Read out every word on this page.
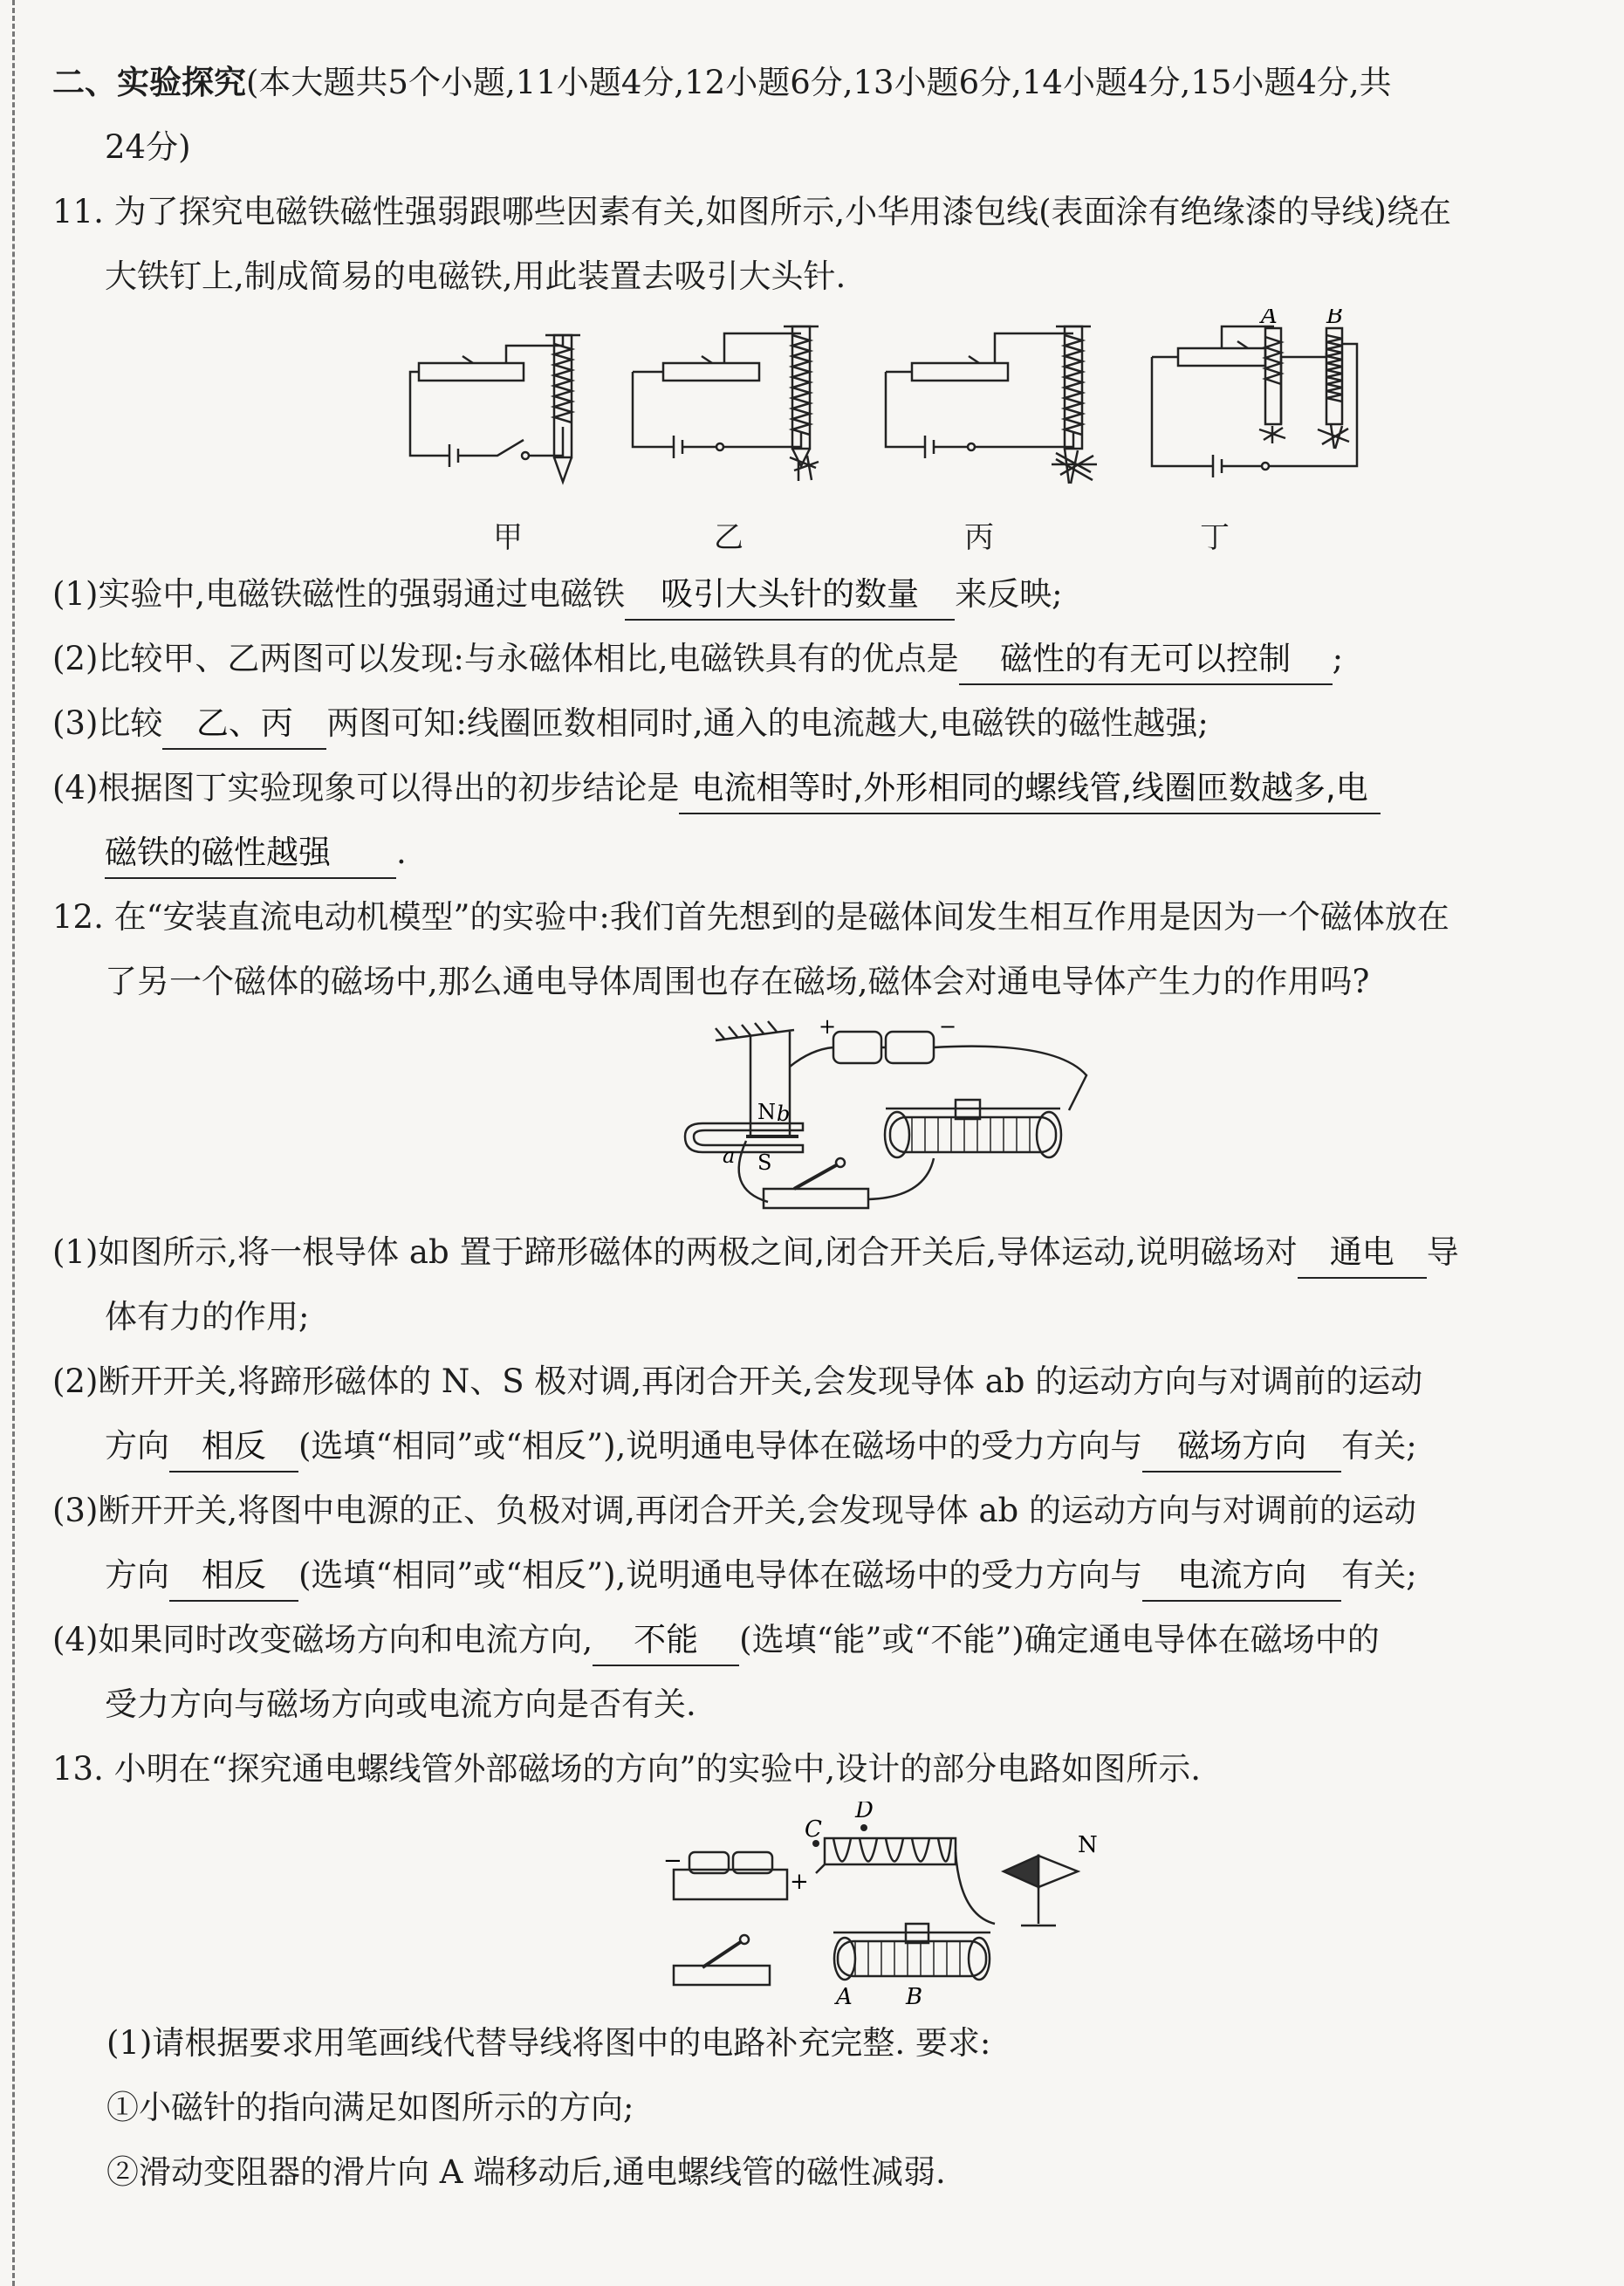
二、实验探究(本大题共5个小题,11小题4分,12小题6分,13小题6分,14小题4分,15小题4分,共
24分)
11. 为了探究电磁铁磁性强弱跟哪些因素有关,如图所示,小华用漆包线(表面涂有绝缘漆的导线)绕在
大铁钉上,制成简易的电磁铁,用此装置去吸引大头针.
A B
甲	乙	丙	丁
(1)实验中,电磁铁磁性的强弱通过电磁铁 吸引大头针的数量 来反映;
(2)比较甲、乙两图可以发现:与永磁体相比,电磁铁具有的优点是 磁性的有无可以控制 ;
(3)比较 乙、丙 两图可知:线圈匝数相同时,通入的电流越大,电磁铁的磁性越强;
(4)根据图丁实验现象可以得出的初步结论是 电流相等时,外形相同的螺线管,线圈匝数越多,电
磁铁的磁性越强 .
12. 在“安装直流电动机模型”的实验中:我们首先想到的是磁体间发生相互作用是因为一个磁体放在
了另一个磁体的磁场中,那么通电导体周围也存在磁场,磁体会对通电导体产生力的作用吗?
N
S
a
b
+	−
(1)如图所示,将一根导体 ab 置于蹄形磁体的两极之间,闭合开关后,导体运动,说明磁场对 通电 导
体有力的作用;
(2)断开开关,将蹄形磁体的 N、S 极对调,再闭合开关,会发现导体 ab 的运动方向与对调前的运动
方向 相反 (选填“相同”或“相反”),说明通电导体在磁场中的受力方向与 磁场方向 有关;
(3)断开开关,将图中电源的正、负极对调,再闭合开关,会发现导体 ab 的运动方向与对调前的运动
方向 相反 (选填“相同”或“相反”),说明通电导体在磁场中的受力方向与 电流方向 有关;
(4)如果同时改变磁场方向和电流方向, 不能 (选填“能”或“不能”)确定通电导体在磁场中的
受力方向与磁场方向或电流方向是否有关.
13. 小明在“探究通电螺线管外部磁场的方向”的实验中,设计的部分电路如图所示.
C
D
N
A B
−
+
(1)请根据要求用笔画线代替导线将图中的电路补充完整. 要求:
①小磁针的指向满足如图所示的方向;
②滑动变阻器的滑片向 A 端移动后,通电螺线管的磁性减弱.
